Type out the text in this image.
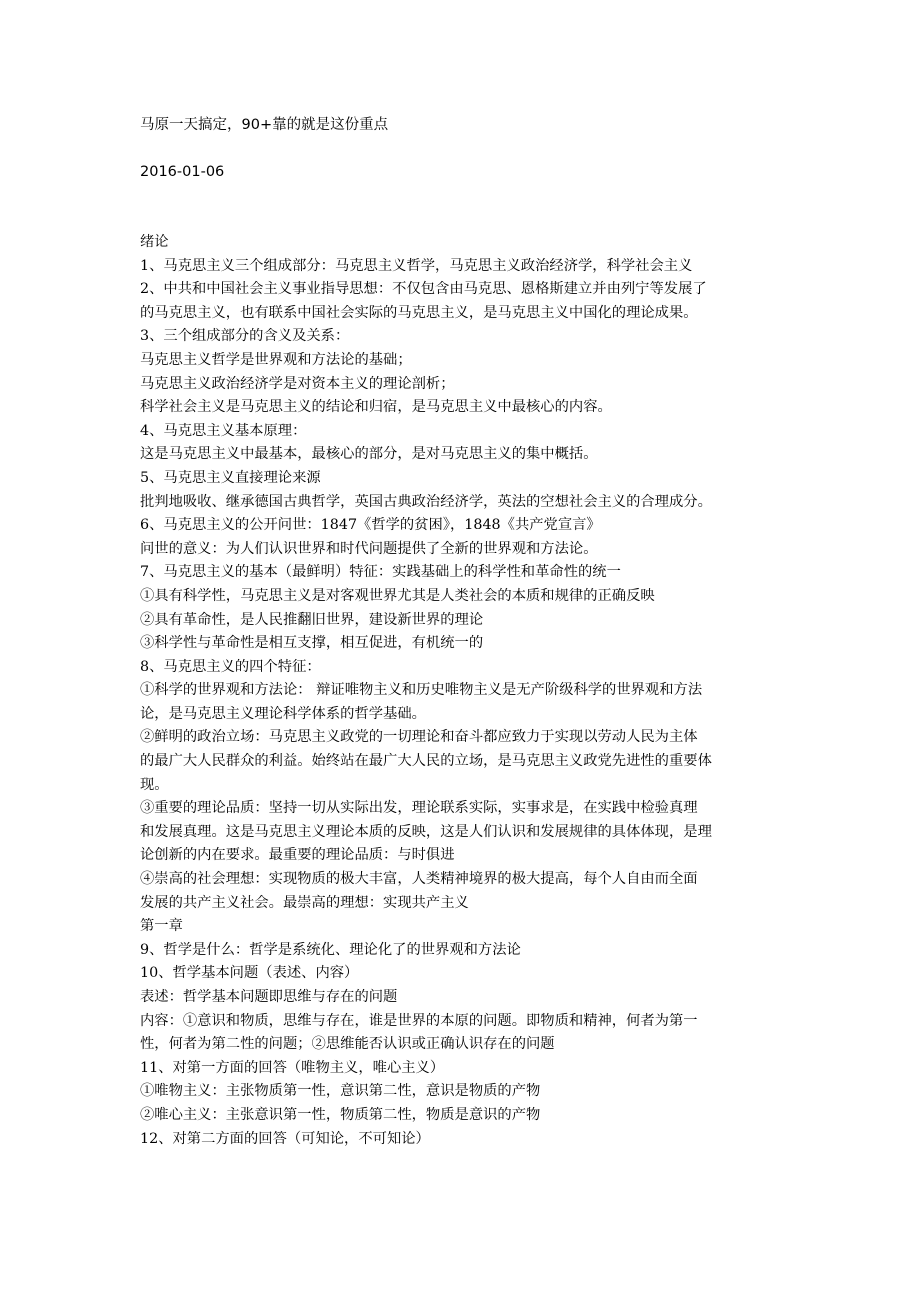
马原一天搞定，90+靠的就是这份重点
2016-01-06
绪论
1、马克思主义三个组成部分：马克思主义哲学，马克思主义政治经济学，科学社会主义
2、中共和中国社会主义事业指导思想：不仅包含由马克思、恩格斯建立并由列宁等发展了
的马克思主义，也有联系中国社会实际的马克思主义，是马克思主义中国化的理论成果。
3、三个组成部分的含义及关系：
马克思主义哲学是世界观和方法论的基础；
马克思主义政治经济学是对资本主义的理论剖析；
科学社会主义是马克思主义的结论和归宿，是马克思主义中最核心的内容。
4、马克思主义基本原理：
这是马克思主义中最基本，最核心的部分，是对马克思主义的集中概括。
5、马克思主义直接理论来源
批判地吸收、继承德国古典哲学，英国古典政治经济学，英法的空想社会主义的合理成分。
6、马克思主义的公开问世：1847《哲学的贫困》，1848《共产党宣言》
问世的意义：为人们认识世界和时代问题提供了全新的世界观和方法论。
7、马克思主义的基本（最鲜明）特征：实践基础上的科学性和革命性的统一
①具有科学性，马克思主义是对客观世界尤其是人类社会的本质和规律的正确反映
②具有革命性，是人民推翻旧世界，建设新世界的理论
③科学性与革命性是相互支撑，相互促进，有机统一的
8、马克思主义的四个特征：
①科学的世界观和方法论： 辩证唯物主义和历史唯物主义是无产阶级科学的世界观和方法
论，是马克思主义理论科学体系的哲学基础。
②鲜明的政治立场：马克思主义政党的一切理论和奋斗都应致力于实现以劳动人民为主体
的最广大人民群众的利益。始终站在最广大人民的立场，是马克思主义政党先进性的重要体
现。
③重要的理论品质：坚持一切从实际出发，理论联系实际，实事求是，在实践中检验真理
和发展真理。这是马克思主义理论本质的反映，这是人们认识和发展规律的具体体现，是理
论创新的内在要求。最重要的理论品质：与时俱进
④崇高的社会理想：实现物质的极大丰富，人类精神境界的极大提高，每个人自由而全面
发展的共产主义社会。最崇高的理想：实现共产主义
第一章
9、哲学是什么：哲学是系统化、理论化了的世界观和方法论
10、哲学基本问题（表述、内容）
表述：哲学基本问题即思维与存在的问题
内容：①意识和物质，思维与存在，谁是世界的本原的问题。即物质和精神，何者为第一
性，何者为第二性的问题；②思维能否认识或正确认识存在的问题
11、对第一方面的回答（唯物主义，唯心主义）
①唯物主义：主张物质第一性，意识第二性，意识是物质的产物
②唯心主义：主张意识第一性，物质第二性，物质是意识的产物
12、对第二方面的回答（可知论，不可知论）
